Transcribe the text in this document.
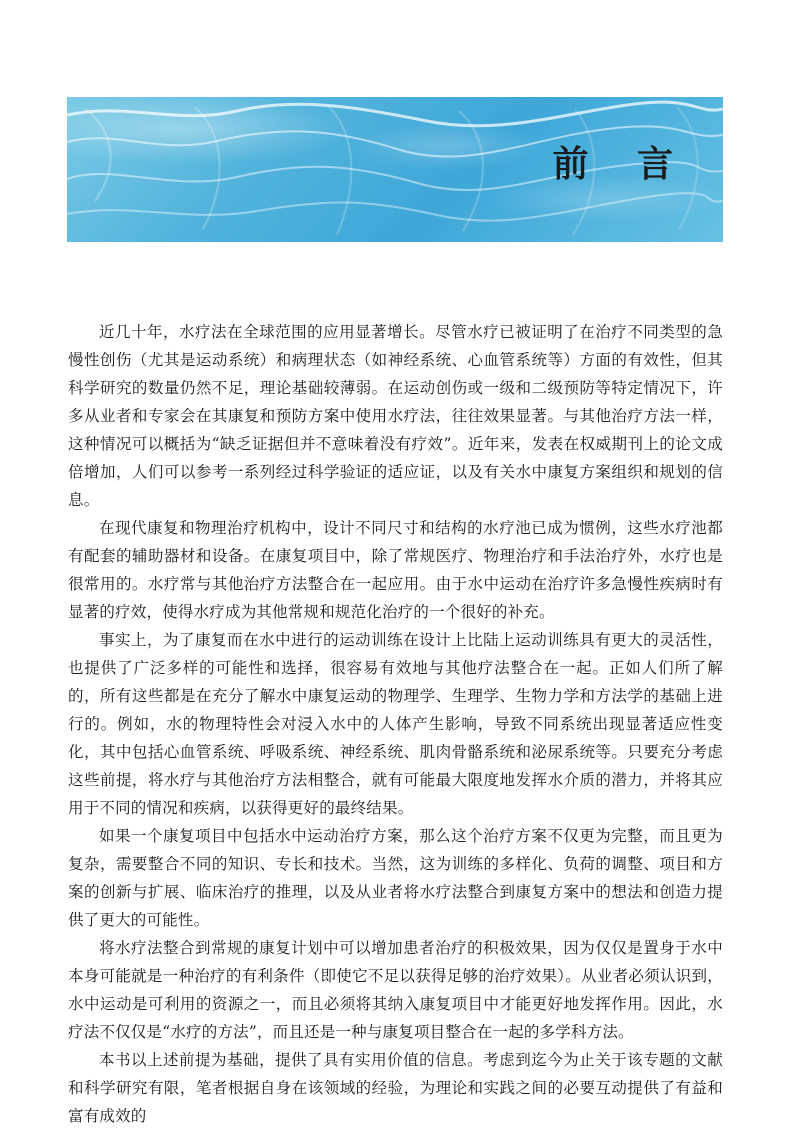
前 言

近几十年，水疗法在全球范围的应用显著增长。尽管水疗已被证明了在治疗不同类型的急慢性创伤（尤其是运动系统）和病理状态（如神经系统、心血管系统等）方面的有效性，但其科学研究的数量仍然不足，理论基础较薄弱。在运动创伤或一级和二级预防等特定情况下，许多从业者和专家会在其康复和预防方案中使用水疗法，往往效果显著。与其他治疗方法一样，这种情况可以概括为“缺乏证据但并不意味着没有疗效”。近年来，发表在权威期刊上的论文成倍增加，人们可以参考一系列经过科学验证的适应证，以及有关水中康复方案组织和规划的信息。

在现代康复和物理治疗机构中，设计不同尺寸和结构的水疗池已成为惯例，这些水疗池都有配套的辅助器材和设备。在康复项目中，除了常规医疗、物理治疗和手法治疗外，水疗也是很常用的。水疗常与其他治疗方法整合在一起应用。由于水中运动在治疗许多急慢性疾病时有显著的疗效，使得水疗成为其他常规和规范化治疗的一个很好的补充。

事实上，为了康复而在水中进行的运动训练在设计上比陆上运动训练具有更大的灵活性，也提供了广泛多样的可能性和选择，很容易有效地与其他疗法整合在一起。正如人们所了解的，所有这些都是在充分了解水中康复运动的物理学、生理学、生物力学和方法学的基础上进行的。例如，水的物理特性会对浸入水中的人体产生影响，导致不同系统出现显著适应性变化，其中包括心血管系统、呼吸系统、神经系统、肌肉骨骼系统和泌尿系统等。只要充分考虑这些前提，将水疗与其他治疗方法相整合，就有可能最大限度地发挥水介质的潜力，并将其应用于不同的情况和疾病，以获得更好的最终结果。

如果一个康复项目中包括水中运动治疗方案，那么这个治疗方案不仅更为完整，而且更为复杂，需要整合不同的知识、专长和技术。当然，这为训练的多样化、负荷的调整、项目和方案的创新与扩展、临床治疗的推理，以及从业者将水疗法整合到康复方案中的想法和创造力提供了更大的可能性。

将水疗法整合到常规的康复计划中可以增加患者治疗的积极效果，因为仅仅是置身于水中本身可能就是一种治疗的有利条件（即使它不足以获得足够的治疗效果）。从业者必须认识到，水中运动是可利用的资源之一，而且必须将其纳入康复项目中才能更好地发挥作用。因此，水疗法不仅仅是“水疗的方法”，而且还是一种与康复项目整合在一起的多学科方法。

本书以上述前提为基础，提供了具有实用价值的信息。考虑到迄今为止关于该专题的文献和科学研究有限，笔者根据自身在该领域的经验，为理论和实践之间的必要互动提供了有益和富有成效的
